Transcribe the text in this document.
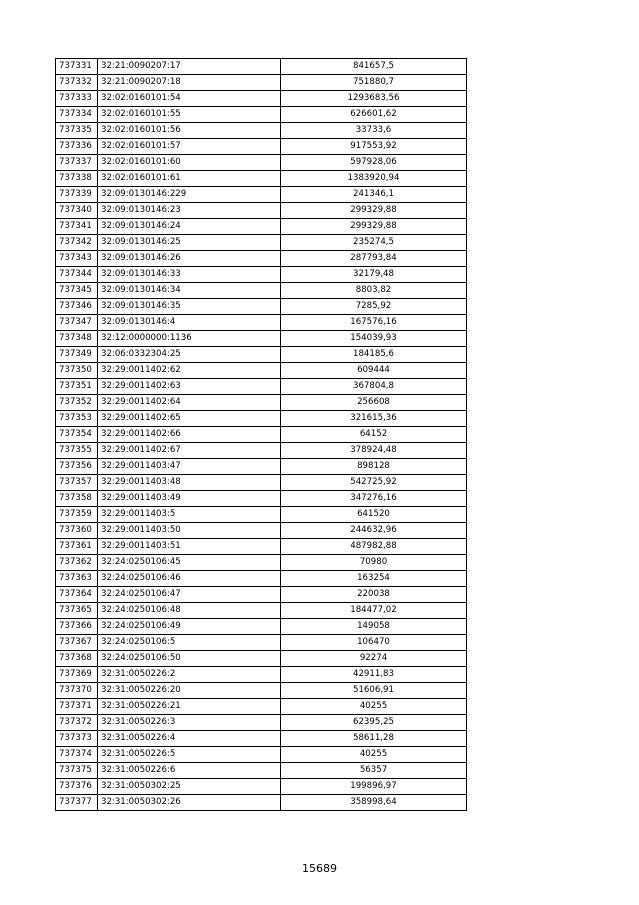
737331	32:21:0090207:17	841657,5
737332	32:21:0090207:18	751880,7
737333	32:02:0160101:54	1293683,56
737334	32:02:0160101:55	626601,62
737335	32:02:0160101:56	33733,6
737336	32:02:0160101:57	917553,92
737337	32:02:0160101:60	597928,06
737338	32:02:0160101:61	1383920,94
737339	32:09:0130146:229	241346,1
737340	32:09:0130146:23	299329,88
737341	32:09:0130146:24	299329,88
737342	32:09:0130146:25	235274,5
737343	32:09:0130146:26	287793,84
737344	32:09:0130146:33	32179,48
737345	32:09:0130146:34	8803,82
737346	32:09:0130146:35	7285,92
737347	32:09:0130146:4	167576,16
737348	32:12:0000000:1136	154039,93
737349	32:06:0332304:25	184185,6
737350	32:29:0011402:62	609444
737351	32:29:0011402:63	367804,8
737352	32:29:0011402:64	256608
737353	32:29:0011402:65	321615,36
737354	32:29:0011402:66	64152
737355	32:29:0011402:67	378924,48
737356	32:29:0011403:47	898128
737357	32:29:0011403:48	542725,92
737358	32:29:0011403:49	347276,16
737359	32:29:0011403:5	641520
737360	32:29:0011403:50	244632,96
737361	32:29:0011403:51	487982,88
737362	32:24:0250106:45	70980
737363	32:24:0250106:46	163254
737364	32:24:0250106:47	220038
737365	32:24:0250106:48	184477,02
737366	32:24:0250106:49	149058
737367	32:24:0250106:5	106470
737368	32:24:0250106:50	92274
737369	32:31:0050226:2	42911,83
737370	32:31:0050226:20	51606,91
737371	32:31:0050226:21	40255
737372	32:31:0050226:3	62395,25
737373	32:31:0050226:4	58611,28
737374	32:31:0050226:5	40255
737375	32:31:0050226:6	56357
737376	32:31:0050302:25	199896,97
737377	32:31:0050302:26	358998,64
15689
